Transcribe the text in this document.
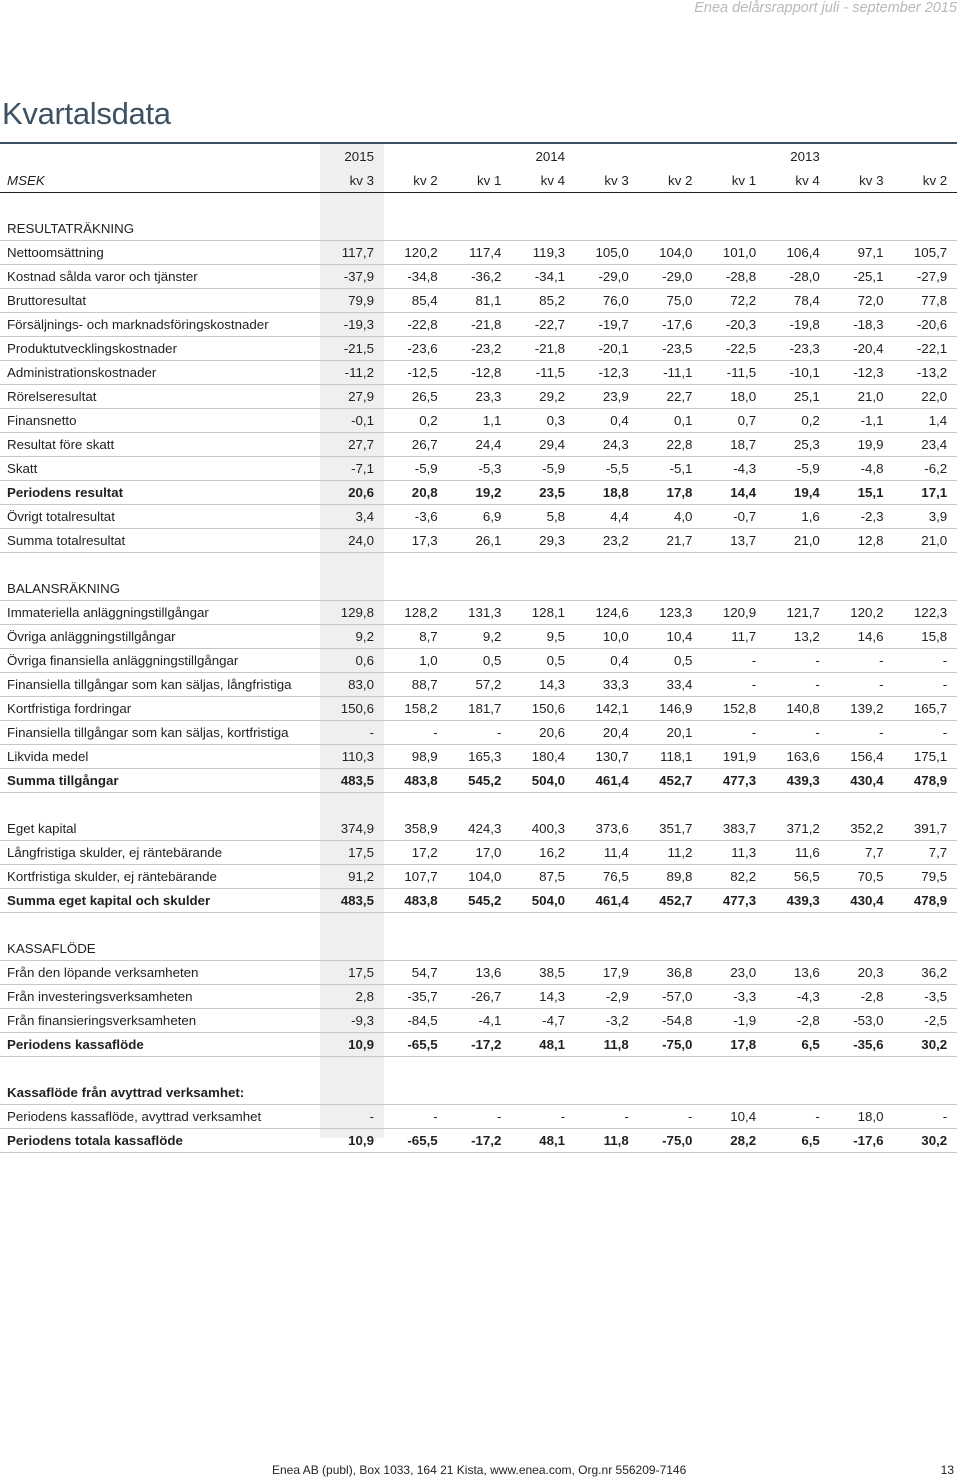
Enea delårsrapport juli - september 2015
Kvartalsdata
	2015			2014				2013		
MSEK	kv 3	kv 2	kv 1	kv 4	kv 3	kv 2	kv 1	kv 4	kv 3	kv 2

RESULTATRÄKNING										
Nettoomsättning	117,7	120,2	117,4	119,3	105,0	104,0	101,0	106,4	97,1	105,7
Kostnad sålda varor och tjänster	-37,9	-34,8	-36,2	-34,1	-29,0	-29,0	-28,8	-28,0	-25,1	-27,9
Bruttoresultat	79,9	85,4	81,1	85,2	76,0	75,0	72,2	78,4	72,0	77,8
Försäljnings- och marknadsföringskostnader	-19,3	-22,8	-21,8	-22,7	-19,7	-17,6	-20,3	-19,8	-18,3	-20,6
Produktutvecklingskostnader	-21,5	-23,6	-23,2	-21,8	-20,1	-23,5	-22,5	-23,3	-20,4	-22,1
Administrationskostnader	-11,2	-12,5	-12,8	-11,5	-12,3	-11,1	-11,5	-10,1	-12,3	-13,2
Rörelseresultat	27,9	26,5	23,3	29,2	23,9	22,7	18,0	25,1	21,0	22,0
Finansnetto	-0,1	0,2	1,1	0,3	0,4	0,1	0,7	0,2	-1,1	1,4
Resultat före skatt	27,7	26,7	24,4	29,4	24,3	22,8	18,7	25,3	19,9	23,4
Skatt	-7,1	-5,9	-5,3	-5,9	-5,5	-5,1	-4,3	-5,9	-4,8	-6,2
Periodens resultat	20,6	20,8	19,2	23,5	18,8	17,8	14,4	19,4	15,1	17,1
Övrigt totalresultat	3,4	-3,6	6,9	5,8	4,4	4,0	-0,7	1,6	-2,3	3,9
Summa totalresultat	24,0	17,3	26,1	29,3	23,2	21,7	13,7	21,0	12,8	21,0

BALANSRÄKNING										
Immateriella anläggningstillgångar	129,8	128,2	131,3	128,1	124,6	123,3	120,9	121,7	120,2	122,3
Övriga anläggningstillgångar	9,2	8,7	9,2	9,5	10,0	10,4	11,7	13,2	14,6	15,8
Övriga finansiella anläggningstillgångar	0,6	1,0	0,5	0,5	0,4	0,5	-	-	-	-
Finansiella tillgångar som kan säljas, långfristiga	83,0	88,7	57,2	14,3	33,3	33,4	-	-	-	-
Kortfristiga fordringar	150,6	158,2	181,7	150,6	142,1	146,9	152,8	140,8	139,2	165,7
Finansiella tillgångar som kan säljas, kortfristiga	-	-	-	20,6	20,4	20,1	-	-	-	-
Likvida medel	110,3	98,9	165,3	180,4	130,7	118,1	191,9	163,6	156,4	175,1
Summa tillgångar	483,5	483,8	545,2	504,0	461,4	452,7	477,3	439,3	430,4	478,9

Eget kapital	374,9	358,9	424,3	400,3	373,6	351,7	383,7	371,2	352,2	391,7
Långfristiga skulder, ej räntebärande	17,5	17,2	17,0	16,2	11,4	11,2	11,3	11,6	7,7	7,7
Kortfristiga skulder, ej räntebärande	91,2	107,7	104,0	87,5	76,5	89,8	82,2	56,5	70,5	79,5
Summa eget kapital och skulder	483,5	483,8	545,2	504,0	461,4	452,7	477,3	439,3	430,4	478,9

KASSAFLÖDE										
Från den löpande verksamheten	17,5	54,7	13,6	38,5	17,9	36,8	23,0	13,6	20,3	36,2
Från investeringsverksamheten	2,8	-35,7	-26,7	14,3	-2,9	-57,0	-3,3	-4,3	-2,8	-3,5
Från finansieringsverksamheten	-9,3	-84,5	-4,1	-4,7	-3,2	-54,8	-1,9	-2,8	-53,0	-2,5
Periodens kassaflöde	10,9	-65,5	-17,2	48,1	11,8	-75,0	17,8	6,5	-35,6	30,2

Kassaflöde från avyttrad verksamhet:										
Periodens kassaflöde, avyttrad verksamhet	-	-	-	-	-	-	10,4	-	18,0	-
Periodens totala kassaflöde	10,9	-65,5	-17,2	48,1	11,8	-75,0	28,2	6,5	-17,6	30,2
Enea AB (publ), Box 1033, 164 21 Kista, www.enea.com, Org.nr 556209-7146	13
